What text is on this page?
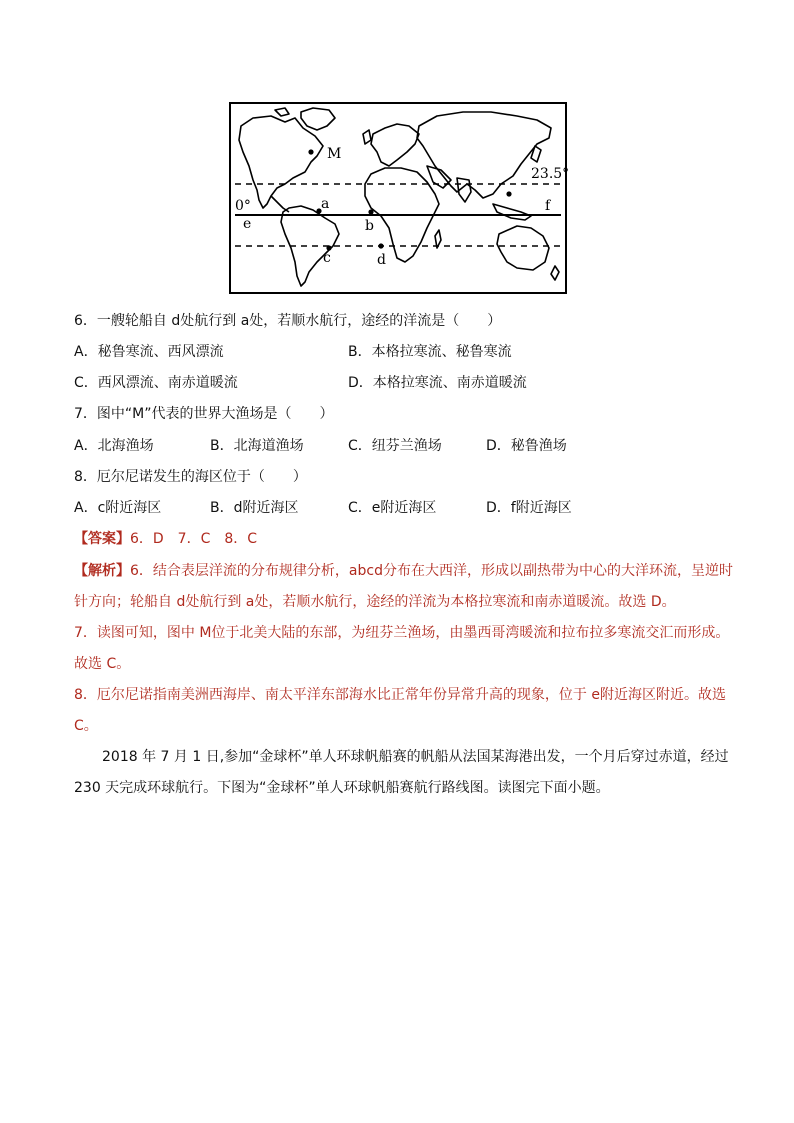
M
23.5°
0°	a
b
c	d
e
f
6．一艘轮船自 d处航行到 a处，若顺水航行，途经的洋流是（　　）
A．秘鲁寒流、西风漂流	B．本格拉寒流、秘鲁寒流
C．西风漂流、南赤道暖流	D．本格拉寒流、南赤道暖流
7．图中“M”代表的世界大渔场是（　　）
A．北海渔场	B．北海道渔场	C．纽芬兰渔场	D．秘鲁渔场
8．厄尔尼诺发生的海区位于（　　）
A．c附近海区	B．d附近海区	C．e附近海区	D．f附近海区
【答案】6．D　7．C　8．C
【解析】6．结合表层洋流的分布规律分析，abcd分布在大西洋，形成以副热带为中心的大洋环流，呈逆时
针方向；轮船自 d处航行到 a处，若顺水航行，途经的洋流为本格拉寒流和南赤道暖流。故选 D。
7．读图可知，图中 M位于北美大陆的东部，为纽芬兰渔场，由墨西哥湾暖流和拉布拉多寒流交汇而形成。
故选 C。
8．厄尔尼诺指南美洲西海岸、南太平洋东部海水比正常年份异常升高的现象，位于 e附近海区附近。故选
C。
2018 年 7 月 1 日,参加“金球杯”单人环球帆船赛的帆船从法国某海港出发，一个月后穿过赤道，经过
230 天完成环球航行。下图为“金球杯”单人环球帆船赛航行路线图。读图完下面小题。
